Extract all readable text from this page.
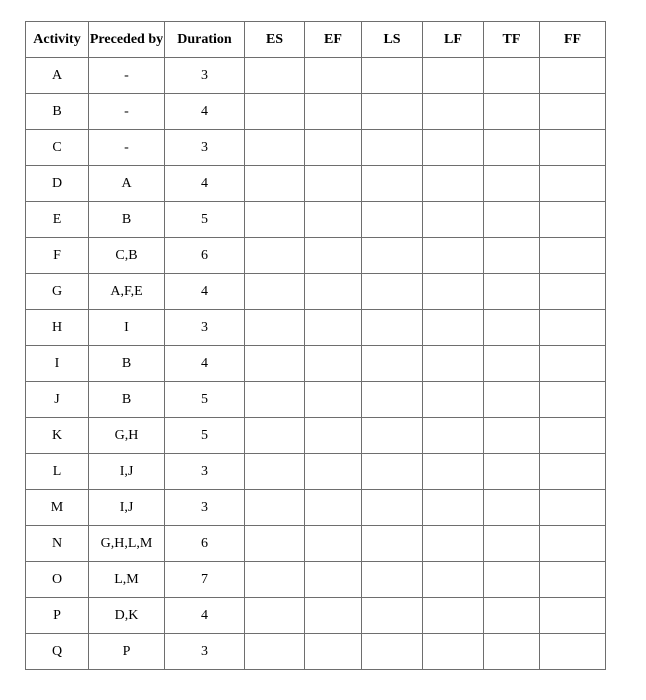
Activity	Preceded by	Duration	ES	EF	LS	LF	TF	FF
A	-	3						
B	-	4						
C	-	3						
D	A	4						
E	B	5						
F	C,B	6						
G	A,F,E	4						
H	I	3						
I	B	4						
J	B	5						
K	G,H	5						
L	I,J	3						
M	I,J	3						
N	G,H,L,M	6						
O	L,M	7						
P	D,K	4						
Q	P	3						
